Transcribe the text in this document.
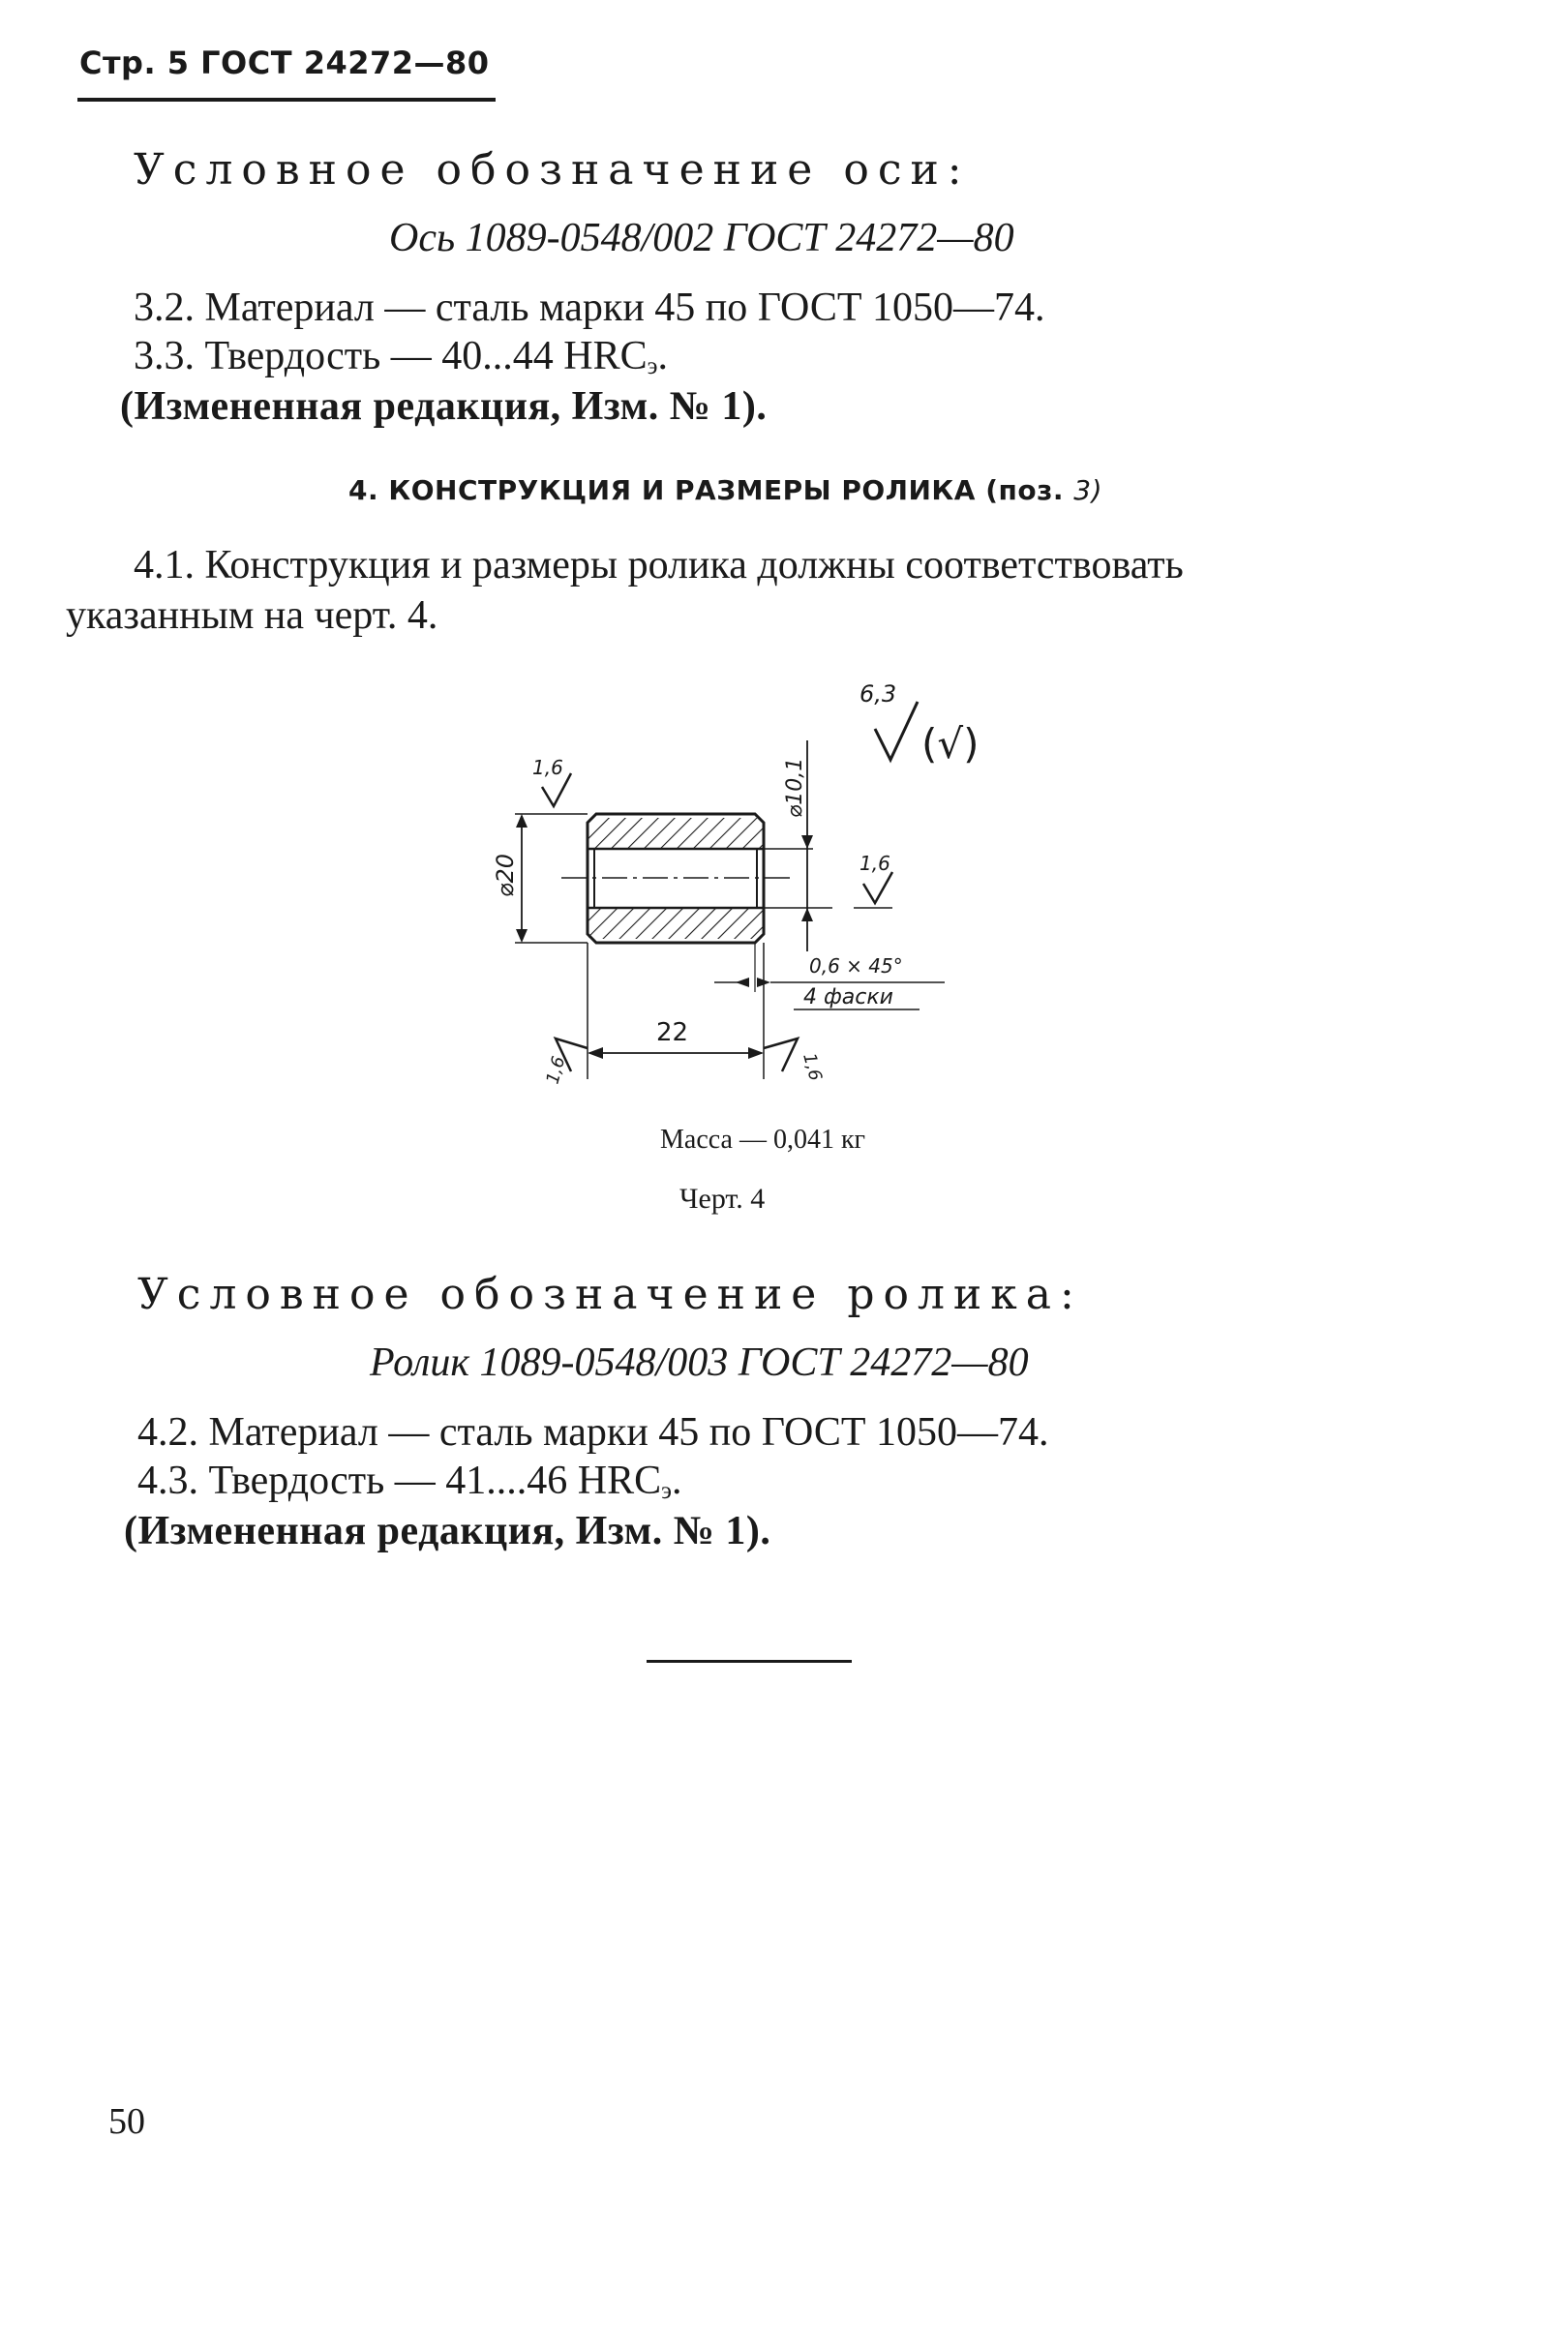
Стр. 5 ГОСТ 24272—80
Условное обозначение оси:
Ось 1089-0548/002 ГОСТ 24272—80
3.2. Материал — сталь марки 45 по ГОСТ 1050—74.
3.3. Твердость — 40...44 $HRC_э$.
(Измененная редакция, Изм. № 1).
4. КОНСТРУКЦИЯ И РАЗМЕРЫ РОЛИКА (поз. 3)
4.1. Конструкция и размеры ролика должны соответствовать
указанным на черт. 4.
6,3
(√)
1,6
⌀20
⌀10,1
1,6
0,6 × 45°
4 фаски
22
1,6	1,6
Масса — 0,041 кг
Черт. 4
Условное обозначение ролика:
Ролик 1089-0548/003 ГОСТ 24272—80
4.2. Материал — сталь марки 45 по ГОСТ 1050—74.
4.3. Твердость — 41....46 $HRC_э$.
(Измененная редакция, Изм. № 1).
50
